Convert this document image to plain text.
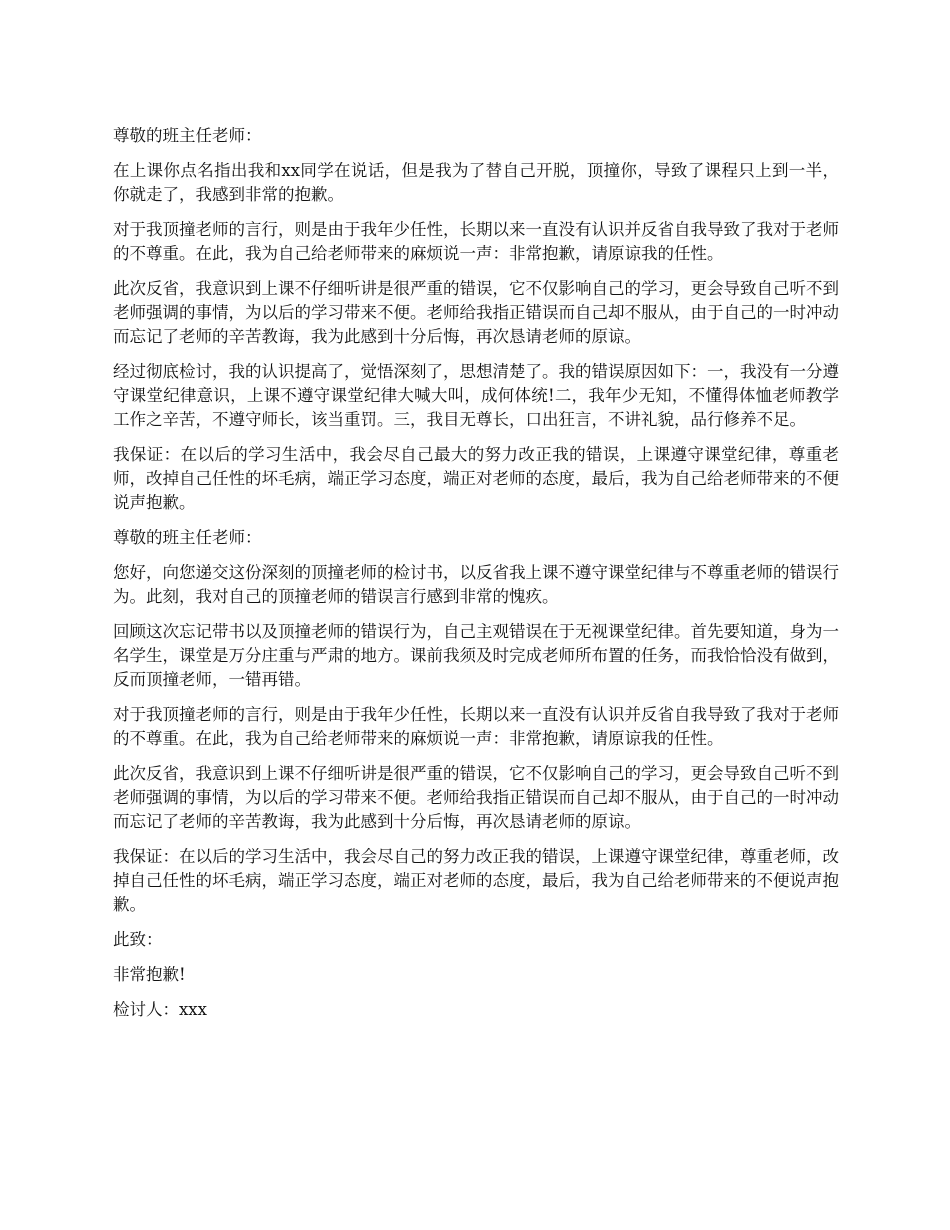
尊敬的班主任老师：

在上课你点名指出我和xx同学在说话，但是我为了替自己开脱，顶撞你，导致了课程只上到一半，你就走了，我感到非常的抱歉。

对于我顶撞老师的言行，则是由于我年少任性，长期以来一直没有认识并反省自我导致了我对于老师的不尊重。在此，我为自己给老师带来的麻烦说一声：非常抱歉，请原谅我的任性。

此次反省，我意识到上课不仔细听讲是很严重的错误，它不仅影响自己的学习，更会导致自己听不到老师强调的事情，为以后的学习带来不便。老师给我指正错误而自己却不服从，由于自己的一时冲动而忘记了老师的辛苦教诲，我为此感到十分后悔，再次恳请老师的原谅。

经过彻底检讨，我的认识提高了，觉悟深刻了，思想清楚了。我的错误原因如下：一，我没有一分遵守课堂纪律意识，上课不遵守课堂纪律大喊大叫，成何体统!二，我年少无知，不懂得体恤老师教学工作之辛苦，不遵守师长，该当重罚。三，我目无尊长，口出狂言，不讲礼貌，品行修养不足。

我保证：在以后的学习生活中，我会尽自己最大的努力改正我的错误，上课遵守课堂纪律，尊重老师，改掉自己任性的坏毛病，端正学习态度，端正对老师的态度，最后，我为自己给老师带来的不便说声抱歉。

尊敬的班主任老师：

您好，向您递交这份深刻的顶撞老师的检讨书，以反省我上课不遵守课堂纪律与不尊重老师的错误行为。此刻，我对自己的顶撞老师的错误言行感到非常的愧疚。

回顾这次忘记带书以及顶撞老师的错误行为，自己主观错误在于无视课堂纪律。首先要知道，身为一名学生，课堂是万分庄重与严肃的地方。课前我须及时完成老师所布置的任务，而我恰恰没有做到，反而顶撞老师，一错再错。

对于我顶撞老师的言行，则是由于我年少任性，长期以来一直没有认识并反省自我导致了我对于老师的不尊重。在此，我为自己给老师带来的麻烦说一声：非常抱歉，请原谅我的任性。

此次反省，我意识到上课不仔细听讲是很严重的错误，它不仅影响自己的学习，更会导致自己听不到老师强调的事情，为以后的学习带来不便。老师给我指正错误而自己却不服从，由于自己的一时冲动而忘记了老师的辛苦教诲，我为此感到十分后悔，再次恳请老师的原谅。

我保证：在以后的学习生活中，我会尽自己的努力改正我的错误，上课遵守课堂纪律，尊重老师，改掉自己任性的坏毛病，端正学习态度，端正对老师的态度，最后，我为自己给老师带来的不便说声抱歉。

此致：

非常抱歉!

检讨人：xxx
